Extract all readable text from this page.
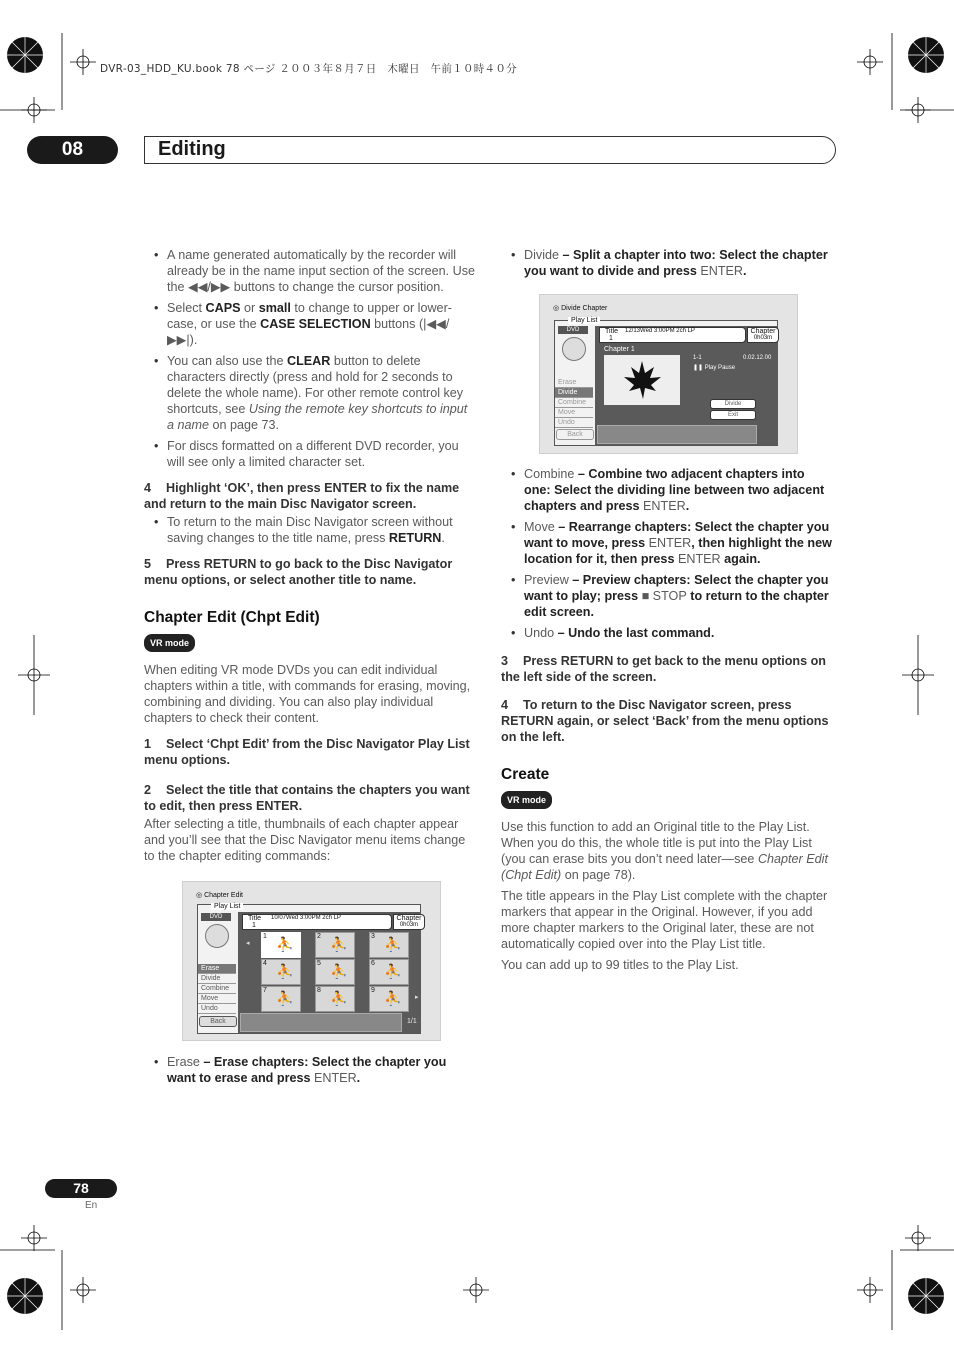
DVR-03_HDD_KU.book 78 ページ ２００３年８月７日　木曜日　午前１０時４０分
08	Editing
• A name generated automatically by the recorder will already be in the name input section of the screen. Use the ◀◀/▶▶ buttons to change the cursor position.
• Select CAPS or small to change to upper or lower-case, or use the CASE SELECTION buttons (|◀◀/▶▶|).
• You can also use the CLEAR button to delete characters directly (press and hold for 2 seconds to delete the whole name). For other remote control key shortcuts, see Using the remote key shortcuts to input a name on page 73.
• For discs formatted on a different DVD recorder, you will see only a limited character set.
4 Highlight ‘OK’, then press ENTER to fix the name and return to the main Disc Navigator screen.
• To return to the main Disc Navigator screen without saving changes to the title name, press RETURN.
5 Press RETURN to go back to the Disc Navigator menu options, or select another title to name.
Chapter Edit (Chpt Edit)
VR mode

When editing VR mode DVDs you can edit individual chapters within a title, with commands for erasing, moving, combining and dividing. You can also play individual chapters to check their content.

1 Select ‘Chpt Edit’ from the Disc Navigator Play List menu options.
2 Select the title that contains the chapters you want to edit, then press ENTER.

After selecting a title, thumbnails of each chapter appear and you’ll see that the Disc Navigator menu items change to the chapter editing commands:

◎ Chapter Edit
Play List
DVD
Erase
Divide
Combine
Move
Undo
Back
Title
1
10/07Wed 3:00PM 2ch LP	Chapter
0h03m
1 ⛹	2 ⛹	3 ⛹
4 ⛹	5 ⛹	6 ⛹
7 ⛹	8 ⛹	9 ⛹
◂
▸
1/1
• Erase – Erase chapters: Select the chapter you want to erase and press ENTER.
• Divide – Split a chapter into two: Select the chapter you want to divide and press ENTER.
◎ Divide Chapter
Play List
DVD
Erase
Divide
Combine
Move
Undo
Back
Title
1
12/13Wed 3:00PM 2ch LP	Chapter
0h03m
Chapter 1
1-1	0.02.12.00
❚❚ Play Pause
Divide
Exit
• Combine – Combine two adjacent chapters into one: Select the dividing line between two adjacent chapters and press ENTER.
• Move – Rearrange chapters: Select the chapter you want to move, press ENTER, then highlight the new location for it, then press ENTER again.
• Preview – Preview chapters: Select the chapter you want to play; press ■ STOP to return to the chapter edit screen.
• Undo – Undo the last command.
3 Press RETURN to get back to the menu options on the left side of the screen.
4 To return to the Disc Navigator screen, press RETURN again, or select ‘Back’ from the menu options on the left.
Create
VR mode

Use this function to add an Original title to the Play List. When you do this, the whole title is put into the Play List (you can erase bits you don’t need later—see Chapter Edit (Chpt Edit) on page 78).

The title appears in the Play List complete with the chapter markers that appear in the Original. However, if you add more chapter markers to the Original later, these are not automatically copied over into the Play List title.

You can add up to 99 titles to the Play List.

78
En
